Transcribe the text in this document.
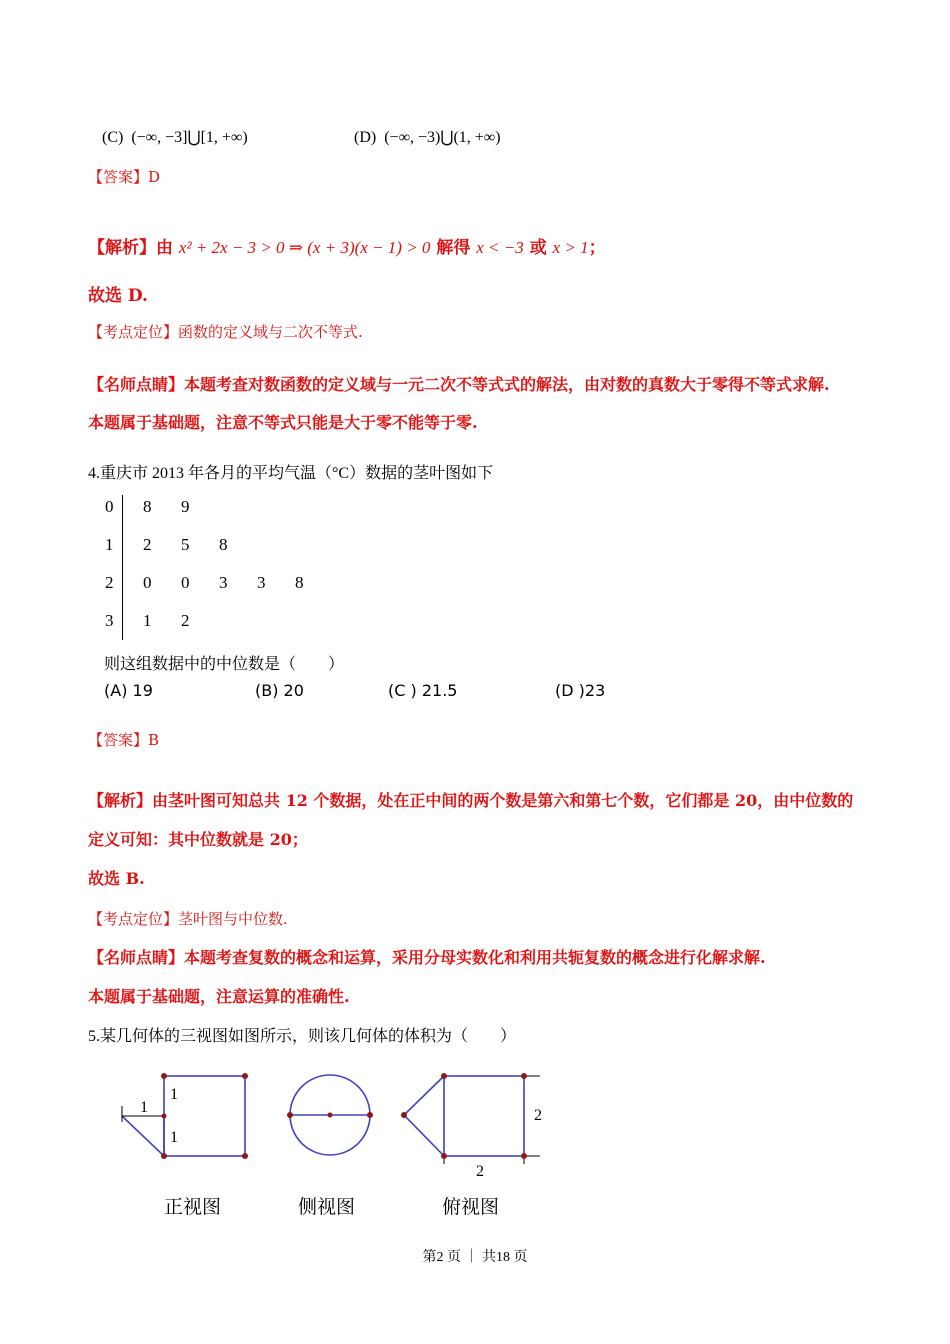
(C) (−∞, −3]⋃[1, +∞)	(D) (−∞, −3)⋃(1, +∞)
【答案】D
【解析】由 x² + 2x − 3 > 0 ⇒ (x + 3)(x − 1) > 0 解得 x < −3 或 x > 1；
故选 D.
【考点定位】函数的定义域与二次不等式.
【名师点睛】本题考查对数函数的定义域与一元二次不等式式的解法，由对数的真数大于零得不等式求解.
本题属于基础题，注意不等式只能是大于零不能等于零.
4.重庆市 2013 年各月的平均气温（°C）数据的茎叶图如下
0 8 9
1 2 5 8
2 0 0 3 3 8
3 1 2
则这组数据中的中位数是（　　）
(A) 19	(B) 20	(C ) 21.5	(D )23
【答案】B
【解析】由茎叶图可知总共 12 个数据，处在正中间的两个数是第六和第七个数，它们都是 20，由中位数的
定义可知：其中位数就是 20；
故选 B.
【考点定位】茎叶图与中位数.
【名师点睛】本题考查复数的概念和运算，采用分母实数化和利用共轭复数的概念进行化解求解.
本题属于基础题，注意运算的准确性.
5.某几何体的三视图如图所示，则该几何体的体积为（　　）
1
1
1
2
2
正视图	侧视图	俯视图
第2 页 ｜ 共18 页
